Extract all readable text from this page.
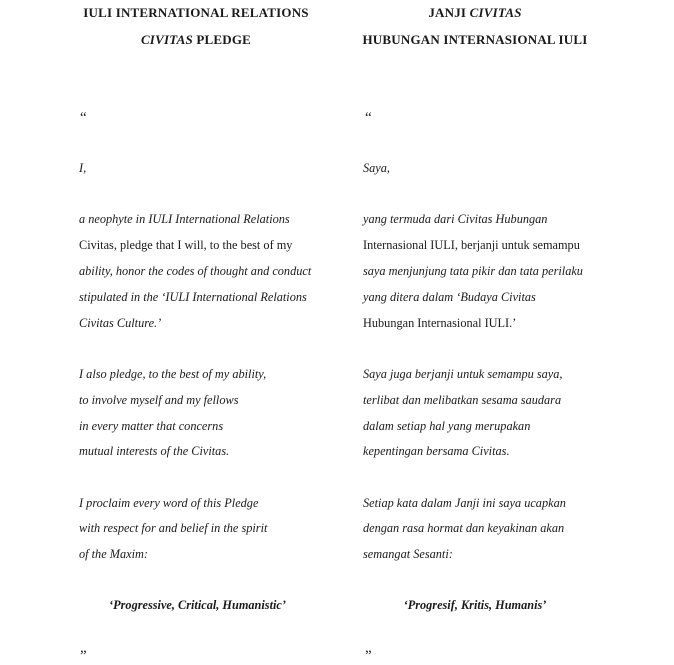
IULI INTERNATIONAL RELATIONS
CIVITAS PLEDGE
“
I,
a neophyte in IULI International Relations
Civitas, pledge that I will, to the best of my
ability, honor the codes of thought and conduct
stipulated in the ‘IULI International Relations
Civitas Culture.’
I also pledge, to the best of my ability,
to involve myself and my fellows
in every matter that concerns
mutual interests of the Civitas.
I proclaim every word of this Pledge
with respect for and belief in the spirit
of the Maxim:
‘Progressive, Critical, Humanistic’
”
JANJI CIVITAS
HUBUNGAN INTERNASIONAL IULI
“
Saya,
yang termuda dari Civitas Hubungan
Internasional IULI, berjanji untuk semampu
saya menjunjung tata pikir dan tata perilaku
yang ditera dalam ‘Budaya Civitas
Hubungan Internasional IULI.’
Saya juga berjanji untuk semampu saya,
terlibat dan melibatkan sesama saudara
dalam setiap hal yang merupakan
kepentingan bersama Civitas.
Setiap kata dalam Janji ini saya ucapkan
dengan rasa hormat dan keyakinan akan
semangat Sesanti:
‘Progresif, Kritis, Humanis’
”
